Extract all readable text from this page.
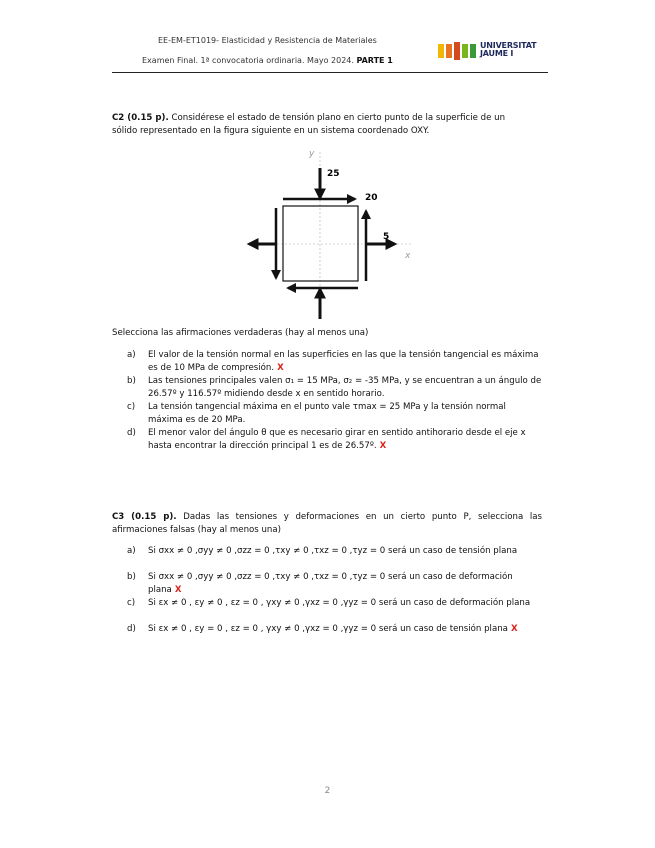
EE-EM-ET1019- Elasticidad y Resistencia de Materiales
Examen Final. 1ª convocatoria ordinaria. Mayo 2024. PARTE 1
UNIVERSITAT
JAUME I
C2 (0.15 p). Considérese el estado de tensión plano en cierto punto de la superficie de un sólido representado en la figura siguiente en un sistema coordenado OXY.
y
x
25
20
5
Selecciona las afirmaciones verdaderas (hay al menos una)
a) El valor de la tensión normal en las superficies en las que la tensión tangencial es máxima es de 10 MPa de compresión. X
b) Las tensiones principales valen σ₁ = 15 MPa, σ₂ = -35 MPa, y se encuentran a un ángulo de 26.57º y 116.57º midiendo desde x en sentido horario.
c) La tensión tangencial máxima en el punto vale τmax = 25 MPa y la tensión normal máxima es de 20 MPa.
d) El menor valor del ángulo θ que es necesario girar en sentido antihorario desde el eje x hasta encontrar la dirección principal 1 es de 26.57º. X
C3 (0.15 p). Dadas las tensiones y deformaciones en un cierto punto P, selecciona las afirmaciones falsas (hay al menos una)
a) Si σxx ≠ 0 ,σyy ≠ 0 ,σzz = 0 ,τxy ≠ 0 ,τxz = 0 ,τyz = 0 será un caso de tensión plana
b) Si σxx ≠ 0 ,σyy ≠ 0 ,σzz = 0 ,τxy ≠ 0 ,τxz = 0 ,τyz = 0 será un caso de deformación plana X
c) Si εx ≠ 0 , εy ≠ 0 , εz = 0 , γxy ≠ 0 ,γxz = 0 ,γyz = 0 será un caso de deformación plana
d) Si εx ≠ 0 , εy = 0 , εz = 0 , γxy ≠ 0 ,γxz = 0 ,γyz = 0 será un caso de tensión plana X
2
